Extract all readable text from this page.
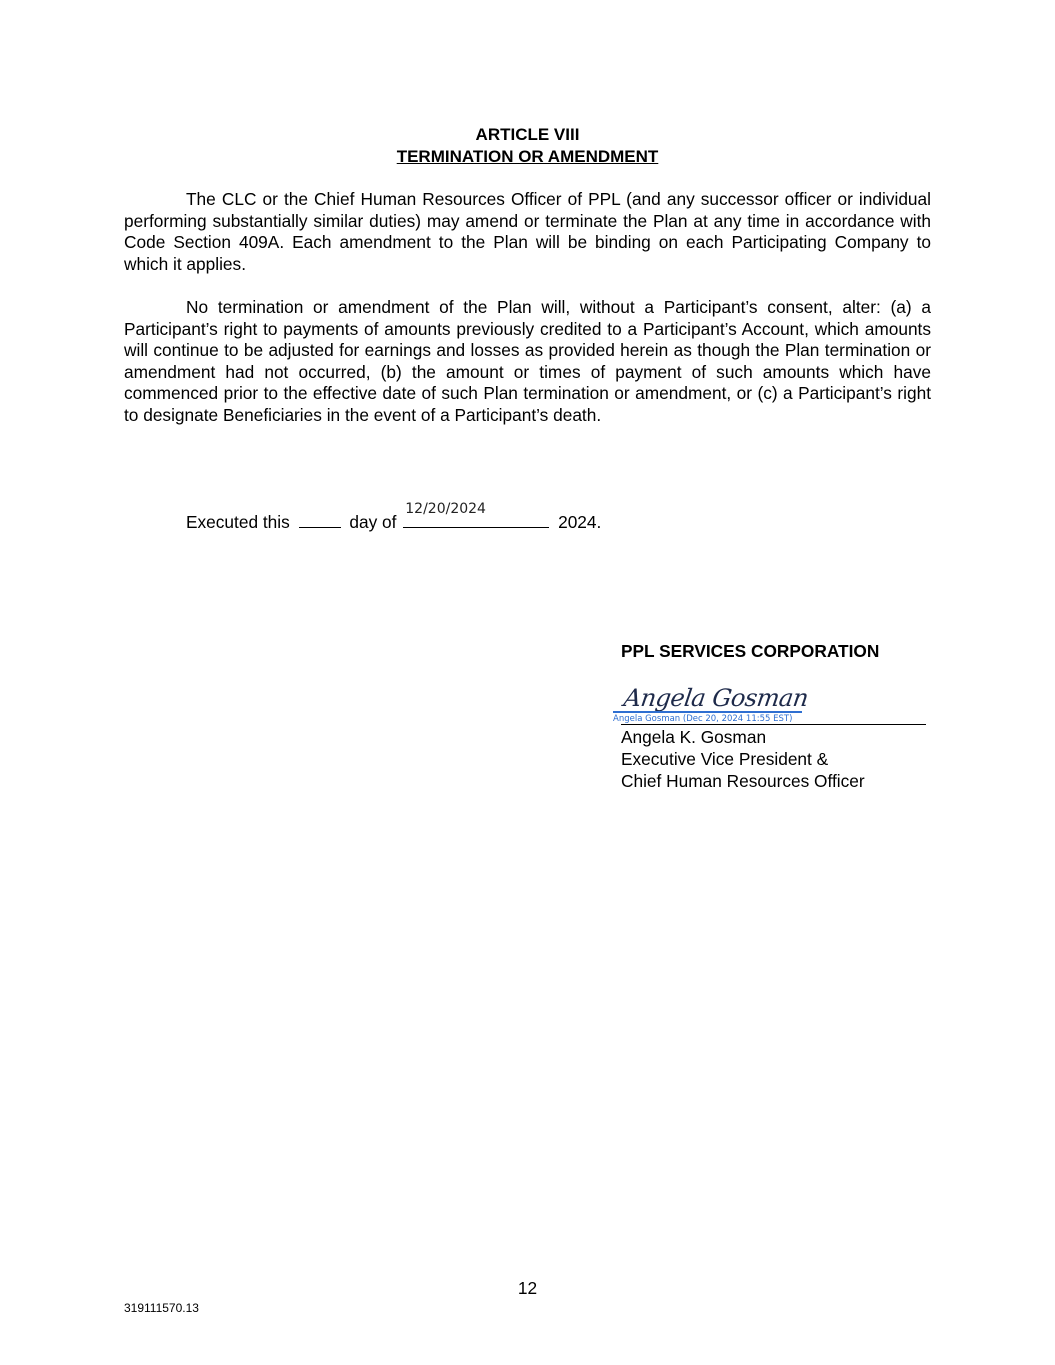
ARTICLE VIII
TERMINATION OR AMENDMENT
The CLC or the Chief Human Resources Officer of PPL (and any successor officer or individual performing substantially similar duties) may amend or terminate the Plan at any time in accordance with Code Section 409A. Each amendment to the Plan will be binding on each Participating Company to which it applies.
No termination or amendment of the Plan will, without a Participant’s consent, alter: (a) a Participant’s right to payments of amounts previously credited to a Participant’s Account, which amounts will continue to be adjusted for earnings and losses as provided herein as though the Plan termination or amendment had not occurred, (b) the amount or times of payment of such amounts which have commenced prior to the effective date of such Plan termination or amendment, or (c) a Participant’s right to designate Beneficiaries in the event of a Participant’s death.
Executed this	day of
12/20/2024
2024.
PPL SERVICES CORPORATION
Angela Gosman
Angela Gosman (Dec 20, 2024 11:55 EST)
Angela K. Gosman
Executive Vice President &
Chief Human Resources Officer
12
319111570.13
